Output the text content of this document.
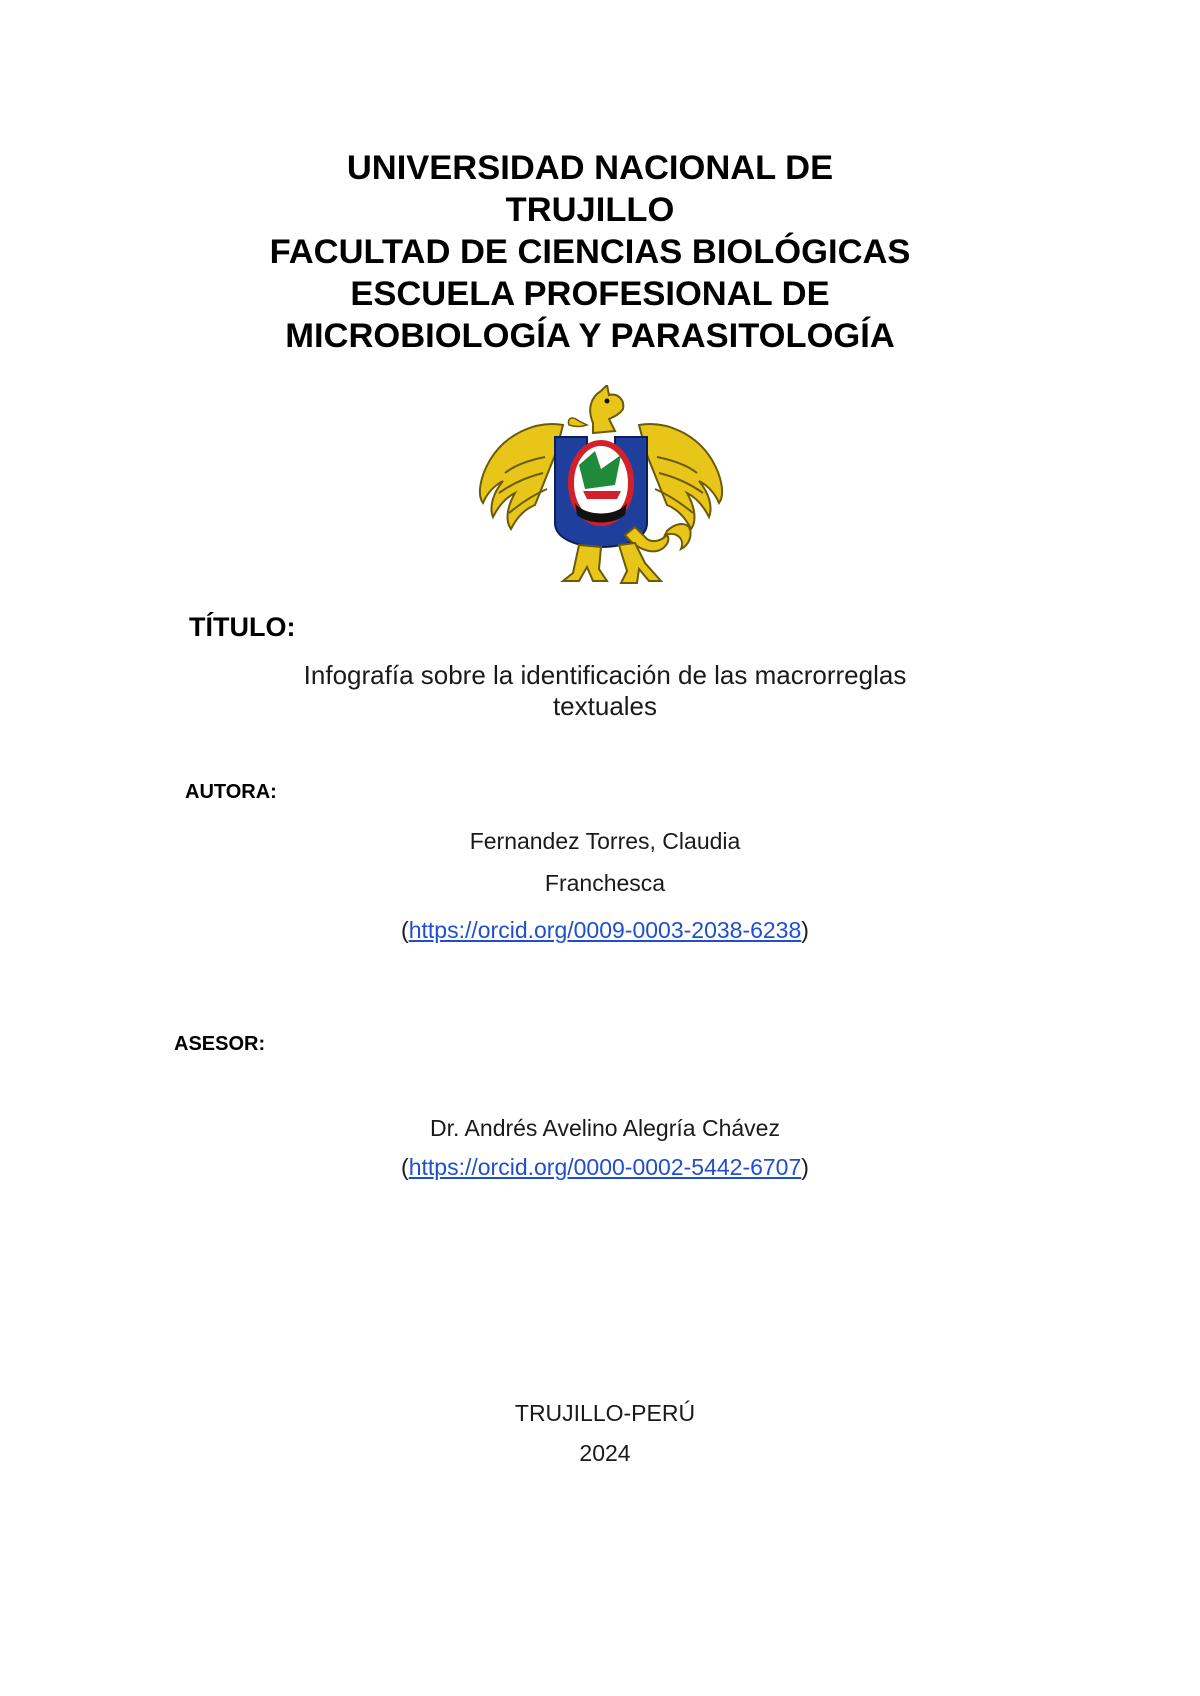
UNIVERSIDAD NACIONAL DE
TRUJILLO
FACULTAD DE CIENCIAS BIOLÓGICAS
ESCUELA PROFESIONAL DE
MICROBIOLOGÍA Y PARASITOLOGÍA
TÍTULO:
Infografía sobre la identificación de las macrorreglas
textuales
AUTORA:
Fernandez Torres, Claudia
Franchesca
(https://orcid.org/0009-0003-2038-6238)
ASESOR:
Dr. Andrés Avelino Alegría Chávez
(https://orcid.org/0000-0002-5442-6707)
TRUJILLO-PERÚ
2024
